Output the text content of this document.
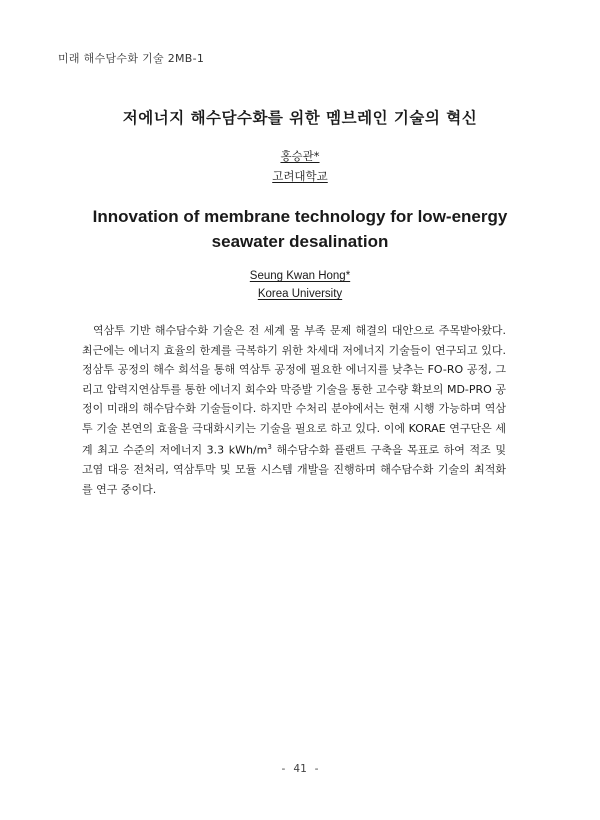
미래 해수담수화 기술 2MB-1
저에너지 해수담수화를 위한 멤브레인 기술의 혁신
홍승관*
고려대학교
Innovation of membrane technology for low-energy seawater desalination
Seung Kwan Hong*
Korea University

역삼투 기반 해수담수화 기술은 전 세계 물 부족 문제 해결의 대안으로 주목받아왔다. 최근에는 에너지 효율의 한계를 극복하기 위한 차세대 저에너지 기술들이 연구되고 있다. 정삼투 공정의 해수 희석을 통해 역삼투 공정에 필요한 에너지를 낮추는 FO-RO 공정, 그리고 압력지연삼투를 통한 에너지 회수와 막증발 기술을 통한 고수량 확보의 MD-PRO 공정이 미래의 해수담수화 기술들이다. 하지만 수처리 분야에서는 현재 시행 가능하며 역삼투 기술 본연의 효율을 극대화시키는 기술을 필요로 하고 있다. 이에 KORAE 연구단은 세계 최고 수준의 저에너지 3.3 kWh/$m^3$ 해수담수화 플랜트 구축을 목표로 하여 적조 및 고염 대응 전처리, 역삼투막 및 모듈 시스템 개발을 진행하며 해수담수화 기술의 최적화를 연구 중이다.

- 41 -
